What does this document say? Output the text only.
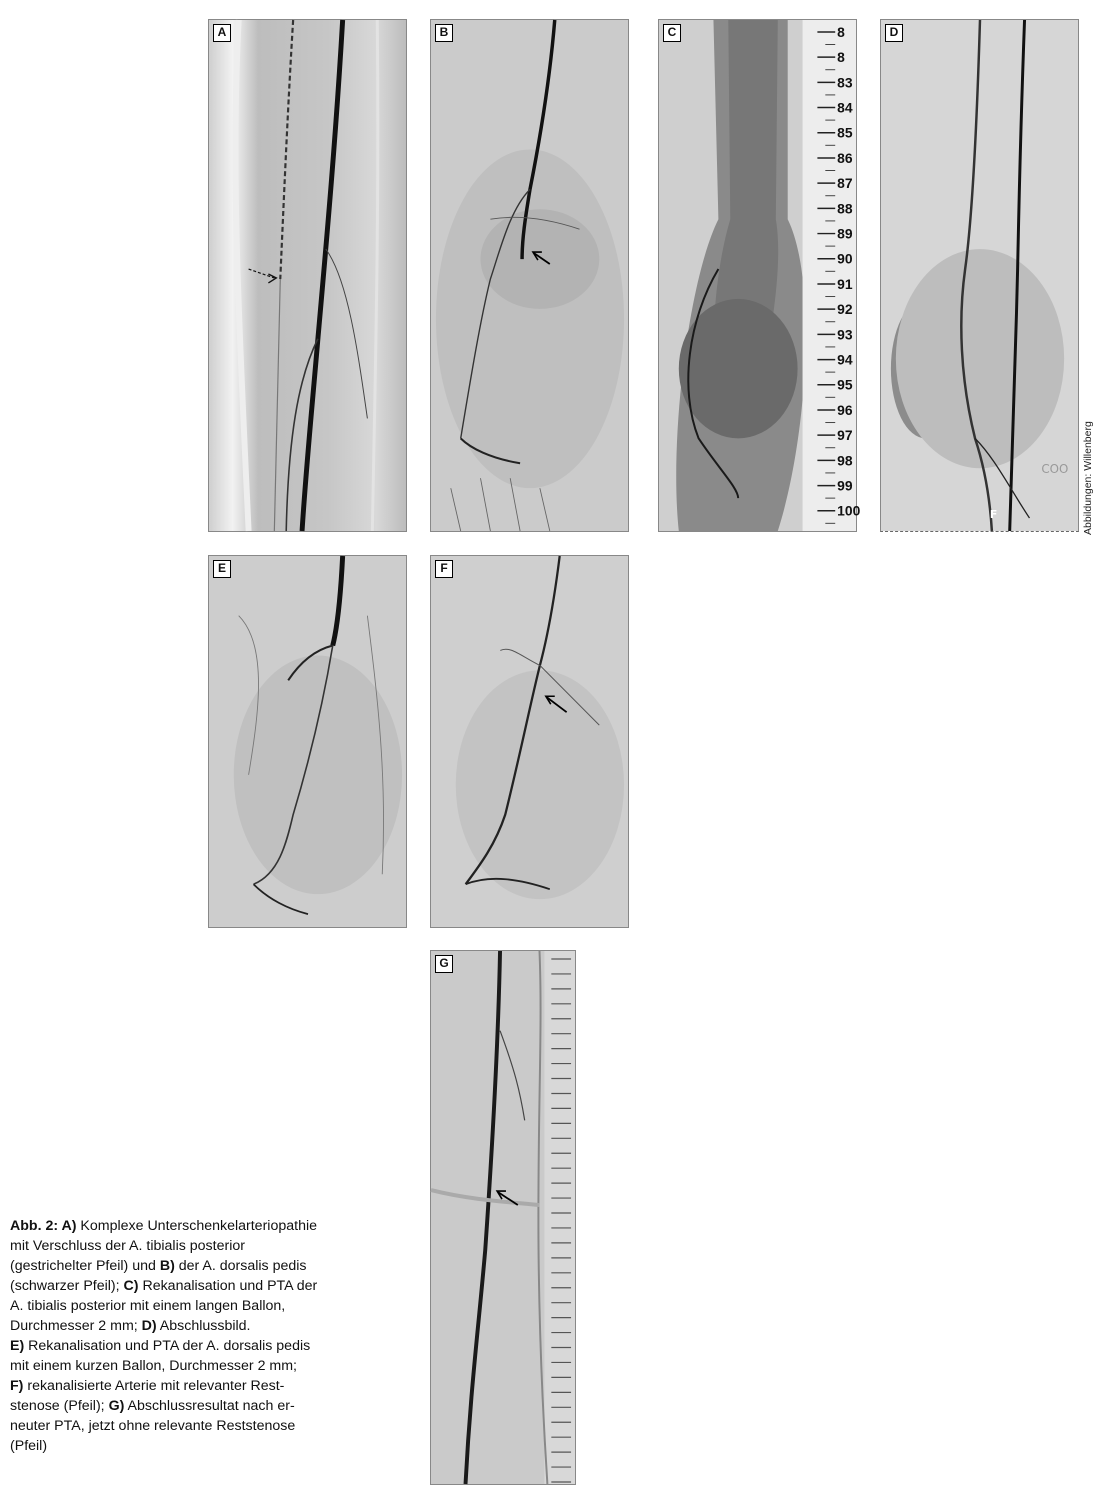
A	B	8
8
83
84
85
86
87
88
89
90
91
92
93
94
95
96
97
98
99
100
C
F
COO
D
Abbildungen: Willenberg
E	F
G
Abb. 2: A) Komplexe Unterschenkelarteriopathie
mit Verschluss der A. tibialis posterior
(gestrichelter Pfeil) und B) der A. dorsalis pedis
(schwarzer Pfeil); C) Rekanalisation und PTA der
A. tibialis posterior mit einem langen Ballon,
Durchmesser 2 mm; D) Abschlussbild.
E) Rekanalisation und PTA der A. dorsalis pedis
mit einem kurzen Ballon, Durchmesser 2 mm;
F) rekanalisierte Arterie mit relevanter Rest-
stenose (Pfeil); G) Abschlussresultat nach er-
neuter PTA, jetzt ohne relevante Reststenose
(Pfeil)
